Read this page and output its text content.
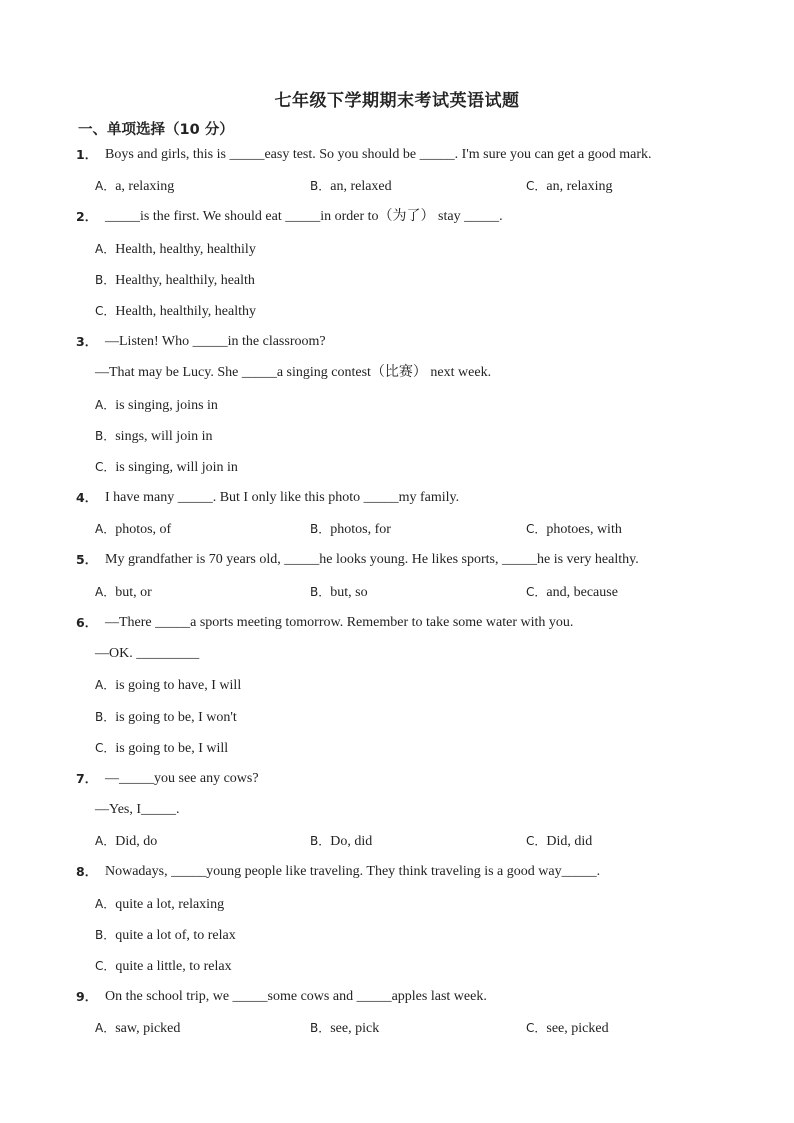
七年级下学期期末考试英语试题
一、单项选择（10 分）
1． Boys and girls, this is _____easy test. So you should be _____. I'm sure you can get a good mark.
A．a, relaxing	B．an, relaxed	C．an, relaxing
2． _____is the first. We should eat _____in order to（为了） stay _____.
A．Health, healthy, healthily
B．Healthy, healthily, health
C．Health, healthily, healthy
3． —Listen! Who _____in the classroom?
—That may be Lucy. She _____a singing contest（比赛） next week.
A．is singing, joins in
B．sings, will join in
C．is singing, will join in
4． I have many _____. But I only like this photo _____my family.
A．photos, of	B．photos, for	C．photoes, with
5． My grandfather is 70 years old, _____he looks young. He likes sports, _____he is very healthy.
A．but, or	B．but, so	C．and, because
6． —There _____a sports meeting tomorrow. Remember to take some water with you.
—OK. _________
A．is going to have, I will
B．is going to be, I won't
C．is going to be, I will
7． —_____you see any cows?
—Yes, I_____.
A．Did, do	B．Do, did	C．Did, did
8． Nowadays, _____young people like traveling. They think traveling is a good way_____.
A．quite a lot, relaxing
B．quite a lot of, to relax
C．quite a little, to relax
9． On the school trip, we _____some cows and _____apples last week.
A．saw, picked	B．see, pick	C．see, picked
